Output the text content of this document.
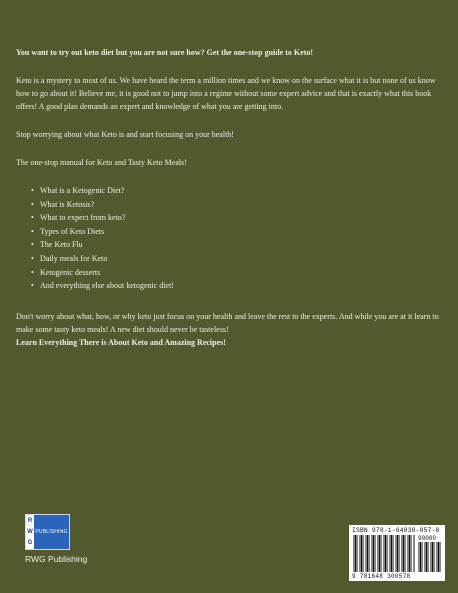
You want to try out keto diet but you are not sure how? Get the one-stop guide to Keto!

Keto is a mystery to most of us. We have heard the term a million times and we know on the surface what it is but none of us know how to go about it! Believe me, it is good not to jump into a regime without some expert advice and that is exactly what this book offers! A good plan demands an expert and knowledge of what you are getting into.

Stop worrying about what Keto is and start focusing on your health!

The one-stop manual for Keto and Tasty Keto Meals!

• What is a Ketogenic Diet?
• What is Ketosis?
• What to expect from keto?
• Types of Keto Diets
• The Keto Flu
• Daily meals for Keto
• Ketogenic desserts
• And everything else about ketogenic diet!

Don't worry about what, how, or why keto just focus on your health and leave the rest to the experts. And while you are at it learn to make some tasty keto meals! A new diet should never be tasteless!

Learn Everything There is About Keto and Amazing Recipes!

R
W
G
PUBLISHING
RWG Publishing
ISBN 978-1-64830-057-8
90000
9 781648 300578
